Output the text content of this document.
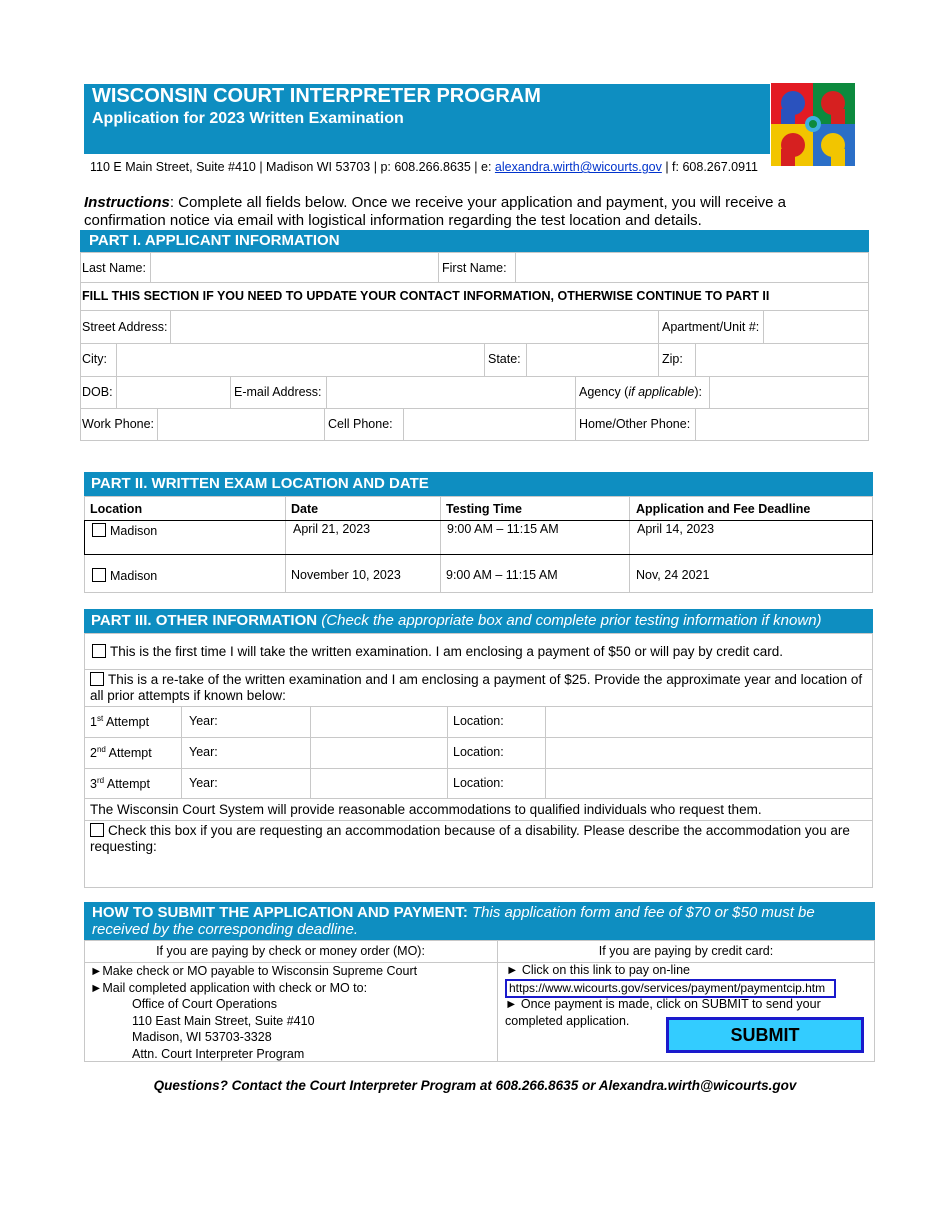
WISCONSIN COURT INTERPRETER PROGRAM
Application for 2023 Written Examination
110 E Main Street, Suite #410 | Madison WI 53703 | p: 608.266.8635 | e: alexandra.wirth@wicourts.gov | f: 608.267.0911
Instructions: Complete all fields below. Once we receive your application and payment, you will receive a confirmation notice via email with logistical information regarding the test location and details.
PART I. APPLICANT INFORMATION
Last Name:	First Name:
FILL THIS SECTION IF YOU NEED TO UPDATE YOUR CONTACT INFORMATION, OTHERWISE CONTINUE TO PART II
Street Address:	Apartment/Unit #:
City:	State:	Zip:
DOB:	E-mail Address:	Agency (if applicable):
Work Phone:	Cell Phone:	Home/Other Phone:
PART II. WRITTEN EXAM LOCATION AND DATE
Location	Date	Testing Time	Application and Fee Deadline
Madison	April 21, 2023	9:00 AM – 11:15 AM	April 14, 2023
Madison	November 10, 2023	9:00 AM – 11:15 AM	Nov, 24 2021
PART III. OTHER INFORMATION (Check the appropriate box and complete prior testing information if known)
This is the first time I will take the written examination. I am enclosing a payment of $50 or will pay by credit card.
This is a re-take of the written examination and I am enclosing a payment of $25. Provide the approximate year and location of all prior attempts if known below:
1st Attempt	Year:	Location:
2nd Attempt	Year:	Location:
3rd Attempt	Year:	Location:
The Wisconsin Court System will provide reasonable accommodations to qualified individuals who request them.
Check this box if you are requesting an accommodation because of a disability. Please describe the accommodation you are requesting:
HOW TO SUBMIT THE APPLICATION AND PAYMENT: This application form and fee of $70 or $50 must be received by the corresponding deadline.
If you are paying by check or money order (MO):	If you are paying by credit card:
►Make check or MO payable to Wisconsin Supreme Court
►Mail completed application with check or MO to:
Office of Court Operations
110 East Main Street, Suite #410
Madison, WI 53703-3328
Attn. Court Interpreter Program
► Click on this link to pay on-line
https://www.wicourts.gov/services/payment/paymentcip.htm
► Once payment is made, click on SUBMIT to send your completed application.
SUBMIT
Questions? Contact the Court Interpreter Program at 608.266.8635 or Alexandra.wirth@wicourts.gov
